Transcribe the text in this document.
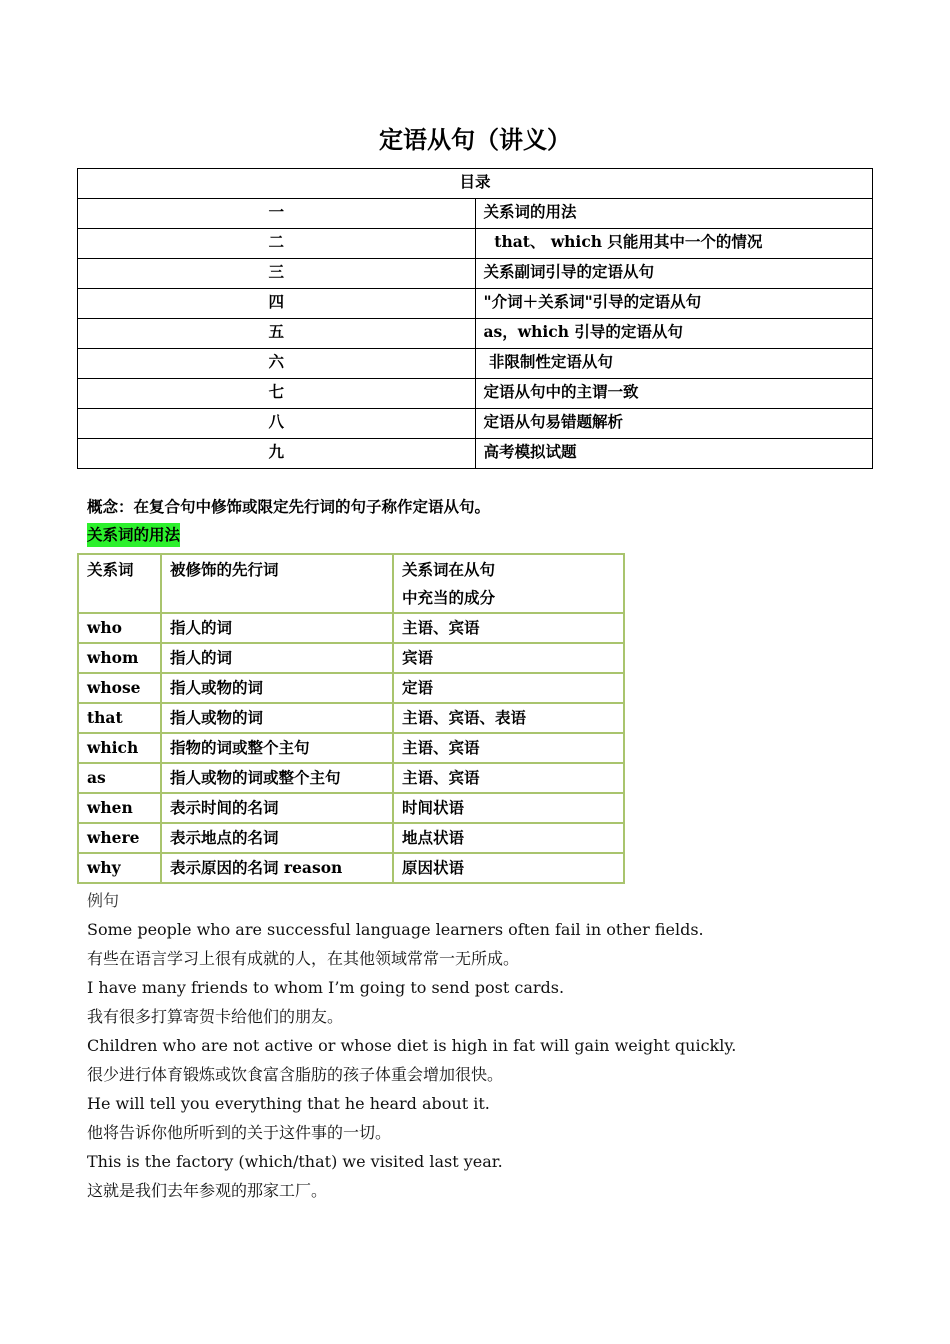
定语从句（讲义）
目录	
一	关系词的用法
二	that、 which 只能用其中一个的情况
三	关系副词引导的定语从句
四	"介词＋关系词"引导的定语从句
五	as，which 引导的定语从句
六	非限制性定语从句
七	定语从句中的主谓一致
八	定语从句易错题解析
九	高考模拟试题

概念：在复合句中修饰或限定先行词的句子称作定语从句。

关系词的用法

关系词	被修饰的先行词	关系词在从句
中充当的成分

who	指人的词	主语、宾语
whom	指人的词	宾语
whose	指人或物的词	定语
that	指人或物的词	主语、宾语、表语
which	指物的词或整个主句	主语、宾语
as	指人或物的词或整个主句	主语、宾语
when	表示时间的名词	时间状语
where	表示地点的名词	地点状语
why	表示原因的名词 reason	原因状语

例句

Some people who are successful language learners often fail in other fields.

有些在语言学习上很有成就的人，在其他领域常常一无所成。

I have many friends to whom I’m going to send post cards.

我有很多打算寄贺卡给他们的朋友。

Children who are not active or whose diet is high in fat will gain weight quickly.

很少进行体育锻炼或饮食富含脂肪的孩子体重会增加很快。

He will tell you everything that he heard about it.

他将告诉你他所听到的关于这件事的一切。

This is the factory (which/that) we visited last year.

这就是我们去年参观的那家工厂。
